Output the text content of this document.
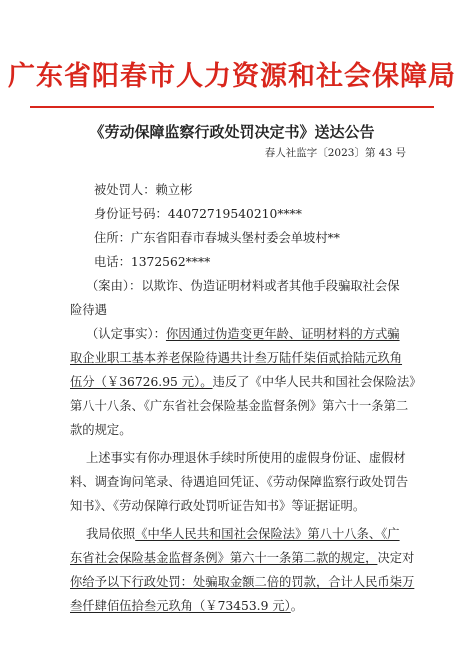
广东省阳春市人力资源和社会保障局
《劳动保障监察行政处罚决定书》送达公告
春人社监字〔2023〕第 43 号
被处罚人：赖立彬
身份证号码：44072719540210****
住所：广东省阳春市春城头堡村委会单坡村**
电话：1372562****
（案由）：以欺诈、伪造证明材料或者其他手段骗取社会保
险待遇
（认定事实）：你因通过伪造变更年龄、证明材料的方式骗
取企业职工基本养老保险待遇共计叁万陆仟柒佰贰拾陆元玖角
伍分（￥36726.95 元）。违反了《中华人民共和国社会保险法》
第八十八条、《广东省社会保险基金监督条例》第六十一条第二
款的规定。
上述事实有你办理退休手续时所使用的虚假身份证、虚假材
料、调查询问笔录、待遇追回凭证、《劳动保障监察行政处罚告
知书》、《劳动保障行政处罚听证告知书》等证据证明。
我局依照《中华人民共和国社会保险法》第八十八条、《广
东省社会保险基金监督条例》第六十一条第二款的规定，决定对
你给予以下行政处罚：处骗取金额二倍的罚款，合计人民币柒万
叁仟肆佰伍拾叁元玖角（￥73453.9 元）。
